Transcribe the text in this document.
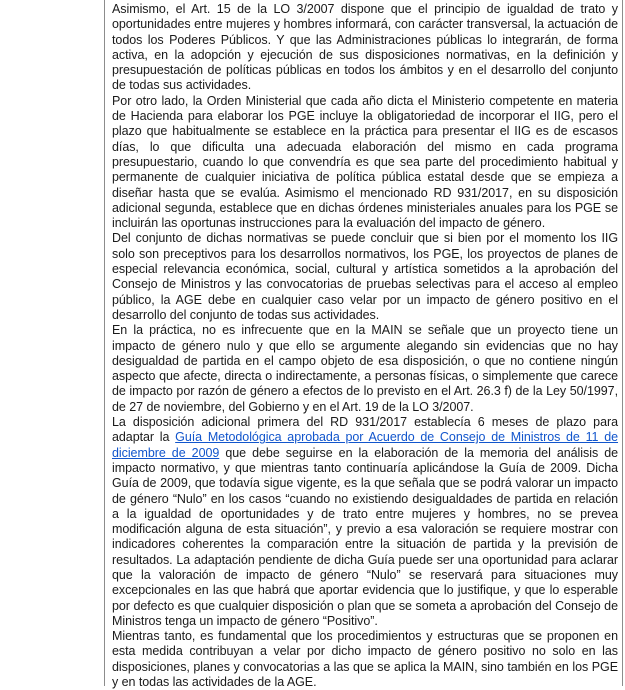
Asimismo, el Art. 15 de la LO 3/2007 dispone que el principio de igualdad de trato y oportunidades entre mujeres y hombres informará, con carácter transversal, la actuación de todos los Poderes Públicos. Y que las Administraciones públicas lo integrarán, de forma activa, en la adopción y ejecución de sus disposiciones normativas, en la definición y presupuestación de políticas públicas en todos los ámbitos y en el desarrollo del conjunto de todas sus actividades.

Por otro lado, la Orden Ministerial que cada año dicta el Ministerio competente en materia de Hacienda para elaborar los PGE incluye la obligatoriedad de incorporar el IIG, pero el plazo que habitualmente se establece en la práctica para presentar el IIG es de escasos días, lo que dificulta una adecuada elaboración del mismo en cada programa presupuestario, cuando lo que convendría es que sea parte del procedimiento habitual y permanente de cualquier iniciativa de política pública estatal desde que se empieza a diseñar hasta que se evalúa. Asimismo el mencionado RD 931/2017, en su disposición adicional segunda, establece que en dichas órdenes ministeriales anuales para los PGE se incluirán las oportunas instrucciones para la evaluación del impacto de género.

Del conjunto de dichas normativas se puede concluir que si bien por el momento los IIG solo son preceptivos para los desarrollos normativos, los PGE, los proyectos de planes de especial relevancia económica, social, cultural y artística sometidos a la aprobación del Consejo de Ministros y las convocatorias de pruebas selectivas para el acceso al empleo público, la AGE debe en cualquier caso velar por un impacto de género positivo en el desarrollo del conjunto de todas sus actividades.

En la práctica, no es infrecuente que en la MAIN se señale que un proyecto tiene un impacto de género nulo y que ello se argumente alegando sin evidencias que no hay desigualdad de partida en el campo objeto de esa disposición, o que no contiene ningún aspecto que afecte, directa o indirectamente, a personas físicas, o simplemente que carece de impacto por razón de género a efectos de lo previsto en el Art. 26.3 f) de la Ley 50/1997, de 27 de noviembre, del Gobierno y en el Art. 19 de la LO 3/2007.

La disposición adicional primera del RD 931/2017 establecía 6 meses de plazo para adaptar la Guía Metodológica aprobada por Acuerdo de Consejo de Ministros de 11 de diciembre de 2009 que debe seguirse en la elaboración de la memoria del análisis de impacto normativo, y que mientras tanto continuaría aplicándose la Guía de 2009. Dicha Guía de 2009, que todavía sigue vigente, es la que señala que se podrá valorar un impacto de género “Nulo” en los casos “cuando no existiendo desigualdades de partida en relación a la igualdad de oportunidades y de trato entre mujeres y hombres, no se prevea modificación alguna de esta situación”, y previo a esa valoración se requiere mostrar con indicadores coherentes la comparación entre la situación de partida y la previsión de resultados. La adaptación pendiente de dicha Guía puede ser una oportunidad para aclarar que la valoración de impacto de género “Nulo” se reservará para situaciones muy excepcionales en las que habrá que aportar evidencia que lo justifique, y que lo esperable por defecto es que cualquier disposición o plan que se someta a aprobación del Consejo de Ministros tenga un impacto de género “Positivo”.

Mientras tanto, es fundamental que los procedimientos y estructuras que se proponen en esta medida contribuyan a velar por dicho impacto de género positivo no solo en las disposiciones, planes y convocatorias a las que se aplica la MAIN, sino también en los PGE y en todas las actividades de la AGE.
